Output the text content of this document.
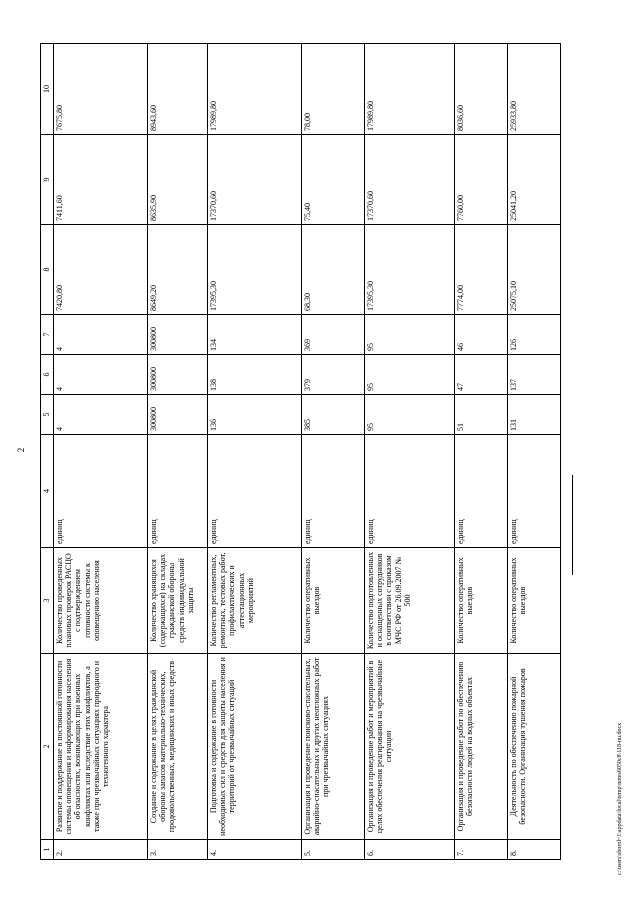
2
1	2	3	4	5	6	7	8	9	10
2.	Развитие и поддержание в постоянной готовности системы оповещения и информирования населения об опасностях, возникающих при военных конфликтах или вследствие этих конфликтов, а также при чрезвычайных ситуациях природного и техногенного характера	Количество проведенных плановых проверок РАСЦО с подтверждением готовности системы к оповещению населения	единиц	4	4	4	7420,80	7411,60	7675,80
3.	Создание и содержание в целях гражданской обороны запасов материально-технических, продовольственных, медицинских и иных средств	Количество хранящихся (содержащихся) на складах гражданской обороны средств индивидуальной защиты	единиц	300800	300800	300800	8649,20	8635,90	8943,60
4.	Подготовка и содержание в готовности необходимых сил и средств для защиты населения и территорий от чрезвычайных ситуаций	Количество регламентных, ремонтных, тестовых работ, профилактических и аттестационных мероприятий	единиц	136	138	134	17395,30	17370,60	17989,80
5.	Организация и проведение поисково-спасательных, аварийно-спасательных и других неотложных работ при чрезвычайных ситуациях	Количество оперативных выездов	единиц	385	379	369	68,30	75,40	78,00
6.	Организация и проведение работ и мероприятий в целях обеспечения реагирования на чрезвычайные ситуации	Количество подготовленных и оснащенных сотрудников в соответствии с приказом МЧС РФ от 26.09.2007 № 500	единиц	95	95	95	17395,30	17370,60	17989,80
7.	Организация и проведение работ по обеспечению безопасности людей на водных объектах	Количество оперативных выездов	единиц	51	47	46	7774,00	7760,00	8036,60
8.	Деятельность по обеспечению пожарной безопасности. Организация тушения пожаров	Количество оперативных выездов	единиц	131	137	126	25075,10	25041,20	25933,80
c:\users\sborol~1\appdata\local\temp\notes6050c8\118-nu.docx
